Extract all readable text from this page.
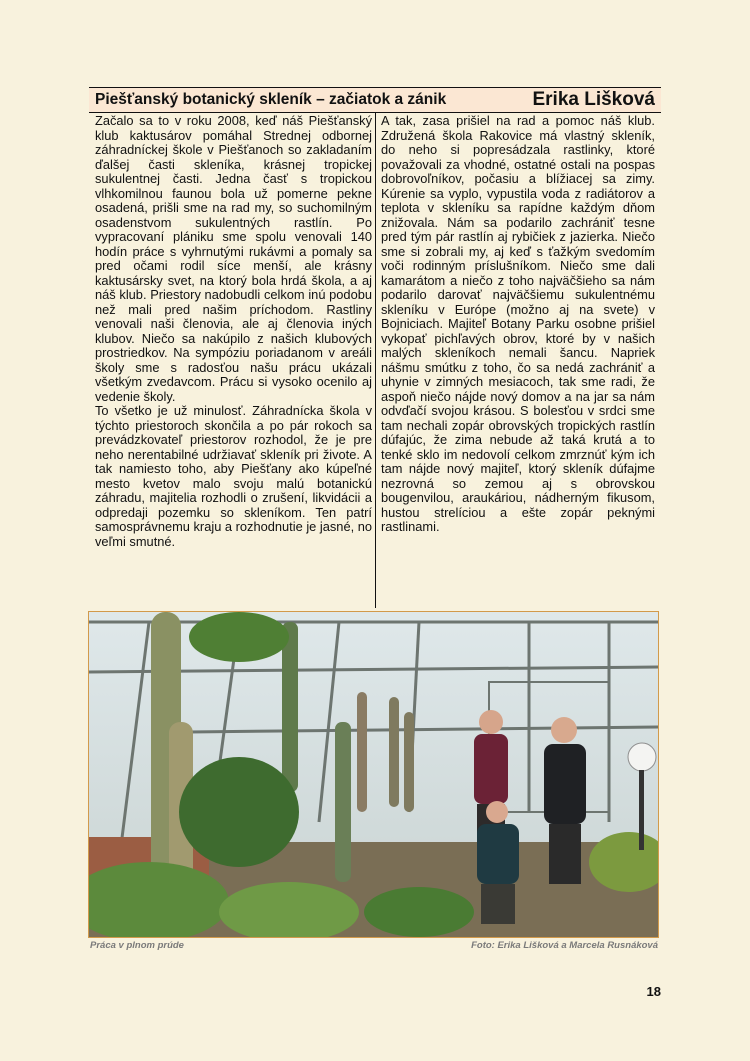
Piešťanský botanický skleník – začiatok a zánik	Erika Lišková

Začalo sa to v roku 2008, keď náš Piešťanský klub kaktusárov pomáhal Strednej odbornej záhradníckej škole v Piešťanoch so zakladaním ďalšej časti skleníka, krásnej tropickej sukulentnej časti. Jedna časť s tropickou vlhkomilnou faunou bola už pomerne pekne osadená, prišli sme na rad my, so suchomilným osadenstvom sukulentných rastlín. Po vypracovaní plániku sme spolu venovali 140 hodín práce s vyhrnutými rukávmi a pomaly sa pred očami rodil síce menší, ale krásny kaktusársky svet, na ktorý bola hrdá škola, a aj náš klub. Priestory nadobudli celkom inú podobu než mali pred našim príchodom. Rastliny venovali naši členovia, ale aj členovia iných klubov. Niečo sa nakúpilo z našich klubových prostriedkov. Na sympóziu poriadanom v areáli školy sme s radosťou našu prácu ukázali všetkým zvedavcom. Prácu si vysoko ocenilo aj vedenie školy.

To všetko je už minulosť. Záhradnícka škola v týchto priestoroch skončila a po pár rokoch sa prevádzkovateľ priestorov rozhodol, že je pre neho nerentabilné udržiavať skleník pri živote. A tak namiesto toho, aby Piešťany ako kúpeľné mesto kvetov malo svoju malú botanickú záhradu, majitelia rozhodli o zrušení, likvidácii a odpredaji pozemku so skleníkom. Ten patrí samosprávnemu kraju a rozhodnutie je jasné, no veľmi smutné.

A tak, zasa prišiel na rad a pomoc náš klub. Združená škola Rakovice má vlastný skleník, do neho si popresádzala rastlinky, ktoré považovali za vhodné, ostatné ostali na pospas dobrovoľníkov, počasiu a blížiacej sa zimy. Kúrenie sa vyplo, vypustila voda z radiátorov a teplota v skleníku sa rapídne každým dňom znižovala. Nám sa podarilo zachrániť tesne pred tým pár rastlín aj rybičiek z jazierka. Niečo sme si zobrali my, aj keď s ťažkým svedomím voči rodinným príslušníkom. Niečo sme dali kamarátom a niečo z toho najväčšieho sa nám podarilo darovať najväčšiemu sukulentnému skleníku v Európe (možno aj na svete) v Bojniciach. Majiteľ Botany Parku osobne prišiel vykopať pichľavých obrov, ktoré by v našich malých skleníkoch nemali šancu. Napriek nášmu smútku z toho, čo sa nedá zachrániť a uhynie v zimných mesiacoch, tak sme radi, že aspoň niečo nájde nový domov a na jar sa nám odvďačí svojou krásou. S bolesťou v srdci sme tam nechali zopár obrovských tropických rastlín dúfajúc, že zima nebude až taká krutá a to tenké sklo im nedovolí celkom zmrznúť kým ich tam nájde nový majiteľ, ktorý skleník dúfajme nezrovná so zemou aj s obrovskou bougenvilou, araukáriou, nádherným fikusom, hustou strelíciou a ešte zopár peknými rastlinami.

Práca v plnom prúde	Foto: Erika Lišková a Marcela Rusnáková
18
